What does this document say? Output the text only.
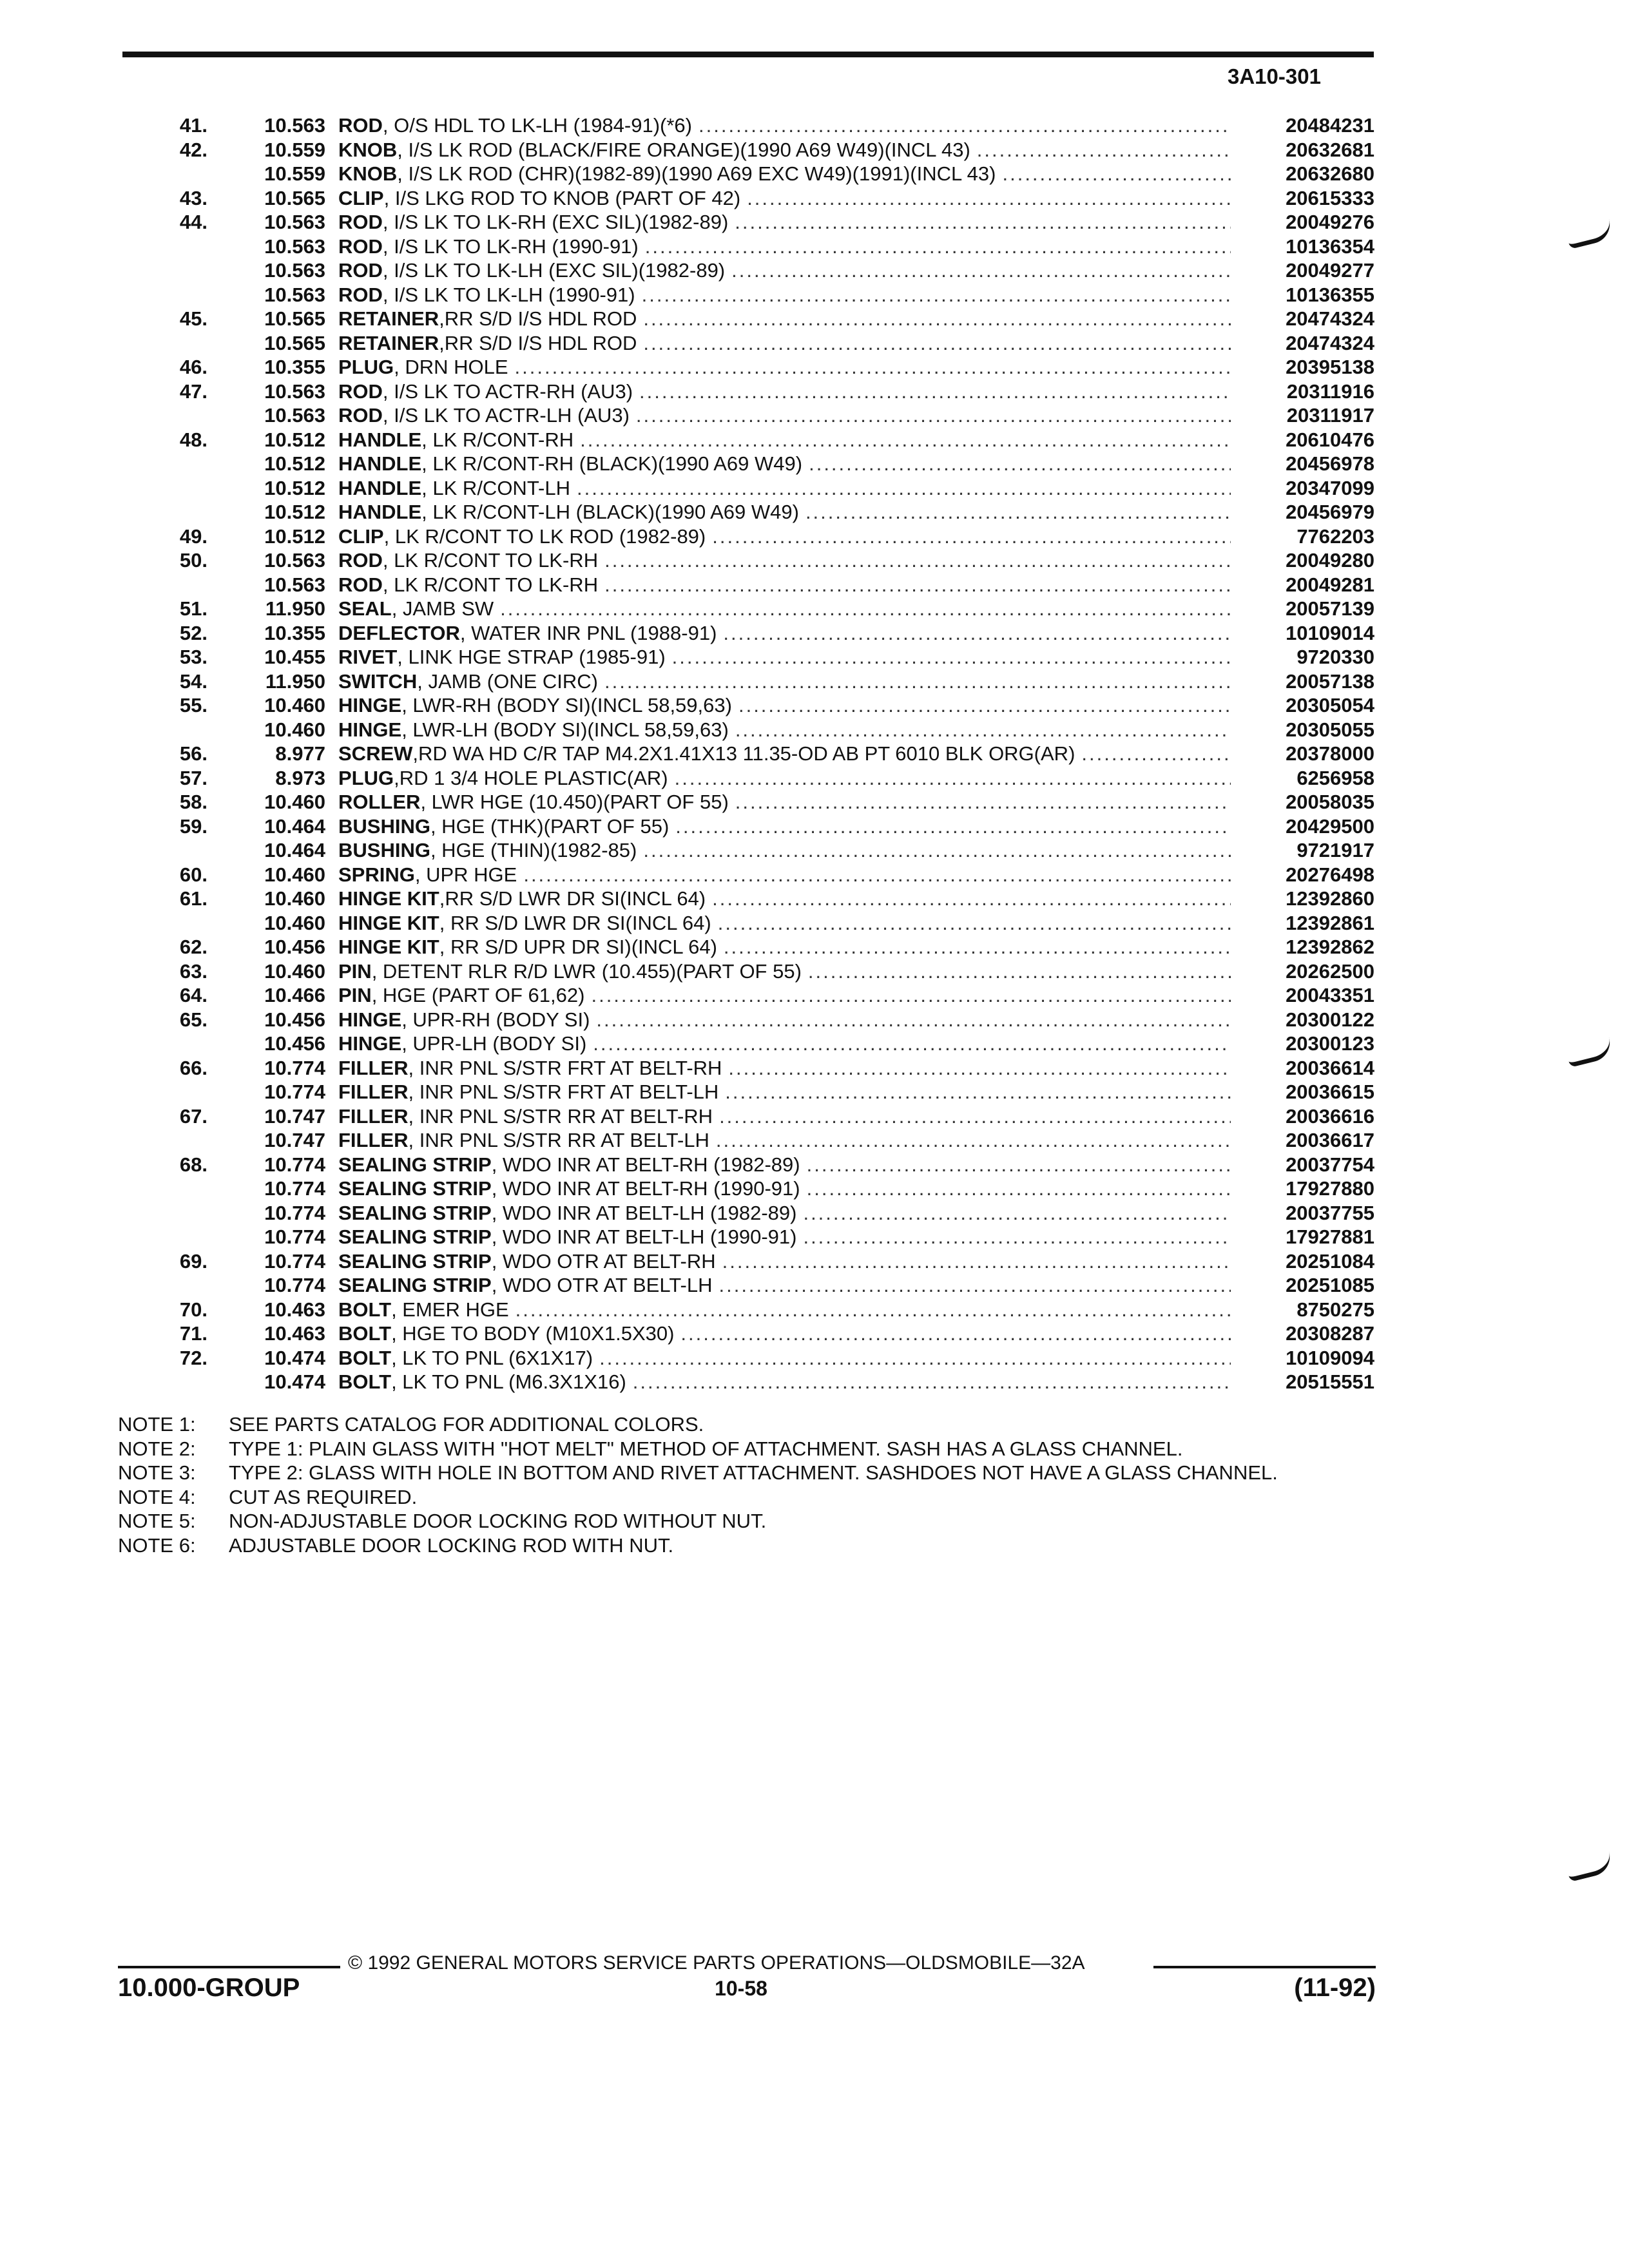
3A10-301
41.	10.563 ROD , O/S HDL TO LK-LH (1984-91)(*6) .....	20484231
42.	10.559 KNOB , I/S LK ROD (BLACK/FIRE ORANGE)(1990 A69 W49)(INCL 43) .....	20632681
10.559 KNOB , I/S LK ROD (CHR)(1982-89)(1990 A69 EXC W49)(1991)(INCL 43) .....	20632680
43.	10.565 CLIP , I/S LKG ROD TO KNOB (PART OF 42) .....	20615333
44.	10.563 ROD , I/S LK TO LK-RH (EXC SIL)(1982-89) .....	20049276
10.563 ROD , I/S LK TO LK-RH (1990-91) .....	10136354
10.563 ROD , I/S LK TO LK-LH (EXC SIL)(1982-89) .....	20049277
10.563 ROD , I/S LK TO LK-LH (1990-91) .....	10136355
45.	10.565 RETAINER ,RR S/D I/S HDL ROD .....	20474324
10.565 RETAINER ,RR S/D I/S HDL ROD .....	20474324
46.	10.355 PLUG , DRN HOLE .....	20395138
47.	10.563 ROD , I/S LK TO ACTR-RH (AU3) .....	20311916
10.563 ROD , I/S LK TO ACTR-LH (AU3) .....	20311917
48.	10.512 HANDLE , LK R/CONT-RH .....	20610476
10.512 HANDLE , LK R/CONT-RH (BLACK)(1990 A69 W49) .....	20456978
10.512 HANDLE , LK R/CONT-LH .....	20347099
10.512 HANDLE , LK R/CONT-LH (BLACK)(1990 A69 W49) .....	20456979
49.	10.512 CLIP , LK R/CONT TO LK ROD (1982-89) .....	7762203
50.	10.563 ROD , LK R/CONT TO LK-RH .....	20049280
10.563 ROD , LK R/CONT TO LK-RH .....	20049281
51.	11.950 SEAL , JAMB SW .....	20057139
52.	10.355 DEFLECTOR , WATER INR PNL (1988-91) .....	10109014
53.	10.455 RIVET , LINK HGE STRAP (1985-91) .....	9720330
54.	11.950 SWITCH , JAMB (ONE CIRC) .....	20057138
55.	10.460 HINGE , LWR-RH (BODY SI)(INCL 58,59,63) .....	20305054
10.460 HINGE , LWR-LH (BODY SI)(INCL 58,59,63) .....	20305055
56.	8.977 SCREW ,RD WA HD C/R TAP M4.2X1.41X13 11.35-OD AB PT 6010 BLK ORG(AR) .....	20378000
57.	8.973 PLUG ,RD 1 3/4 HOLE PLASTIC(AR) .....	6256958
58.	10.460 ROLLER , LWR HGE (10.450)(PART OF 55) .....	20058035
59.	10.464 BUSHING , HGE (THK)(PART OF 55) .....	20429500
10.464 BUSHING , HGE (THIN)(1982-85) .....	9721917
60.	10.460 SPRING , UPR HGE .....	20276498
61.	10.460 HINGE KIT ,RR S/D LWR DR SI(INCL 64) .....	12392860
10.460 HINGE KIT , RR S/D LWR DR SI(INCL 64) .....	12392861
62.	10.456 HINGE KIT , RR S/D UPR DR SI)(INCL 64) .....	12392862
63.	10.460 PIN , DETENT RLR R/D LWR (10.455)(PART OF 55) .....	20262500
64.	10.466 PIN , HGE (PART OF 61,62) .....	20043351
65.	10.456 HINGE , UPR-RH (BODY SI) .....	20300122
10.456 HINGE , UPR-LH (BODY SI) .....	20300123
66.	10.774 FILLER , INR PNL S/STR FRT AT BELT-RH .....	20036614
10.774 FILLER , INR PNL S/STR FRT AT BELT-LH .....	20036615
67.	10.747 FILLER , INR PNL S/STR RR AT BELT-RH .....	20036616
10.747 FILLER , INR PNL S/STR RR AT BELT-LH .....	20036617
68.	10.774 SEALING STRIP , WDO INR AT BELT-RH (1982-89) .....	20037754
10.774 SEALING STRIP , WDO INR AT BELT-RH (1990-91) .....	17927880
10.774 SEALING STRIP , WDO INR AT BELT-LH (1982-89) .....	20037755
10.774 SEALING STRIP , WDO INR AT BELT-LH (1990-91) .....	17927881
69.	10.774 SEALING STRIP , WDO OTR AT BELT-RH .....	20251084
10.774 SEALING STRIP , WDO OTR AT BELT-LH .....	20251085
70.	10.463 BOLT , EMER HGE .....	8750275
71.	10.463 BOLT , HGE TO BODY (M10X1.5X30) .....	20308287
72.	10.474 BOLT , LK TO PNL (6X1X17) .....	10109094
10.474 BOLT , LK TO PNL (M6.3X1X16) .....	20515551
NOTE 1:	SEE PARTS CATALOG FOR ADDITIONAL COLORS.
NOTE 2:	TYPE 1: PLAIN GLASS WITH "HOT MELT" METHOD OF ATTACHMENT. SASH HAS A GLASS CHANNEL.
NOTE 3:	TYPE 2: GLASS WITH HOLE IN BOTTOM AND RIVET ATTACHMENT. SASHDOES NOT HAVE A GLASS CHANNEL.
NOTE 4:	CUT AS REQUIRED.
NOTE 5:	NON-ADJUSTABLE DOOR LOCKING ROD WITHOUT NUT.
NOTE 6:	ADJUSTABLE DOOR LOCKING ROD WITH NUT.
© 1992 GENERAL MOTORS SERVICE PARTS OPERATIONS—OLDSMOBILE—32A
10.000-GROUP	10-58	(11-92)
